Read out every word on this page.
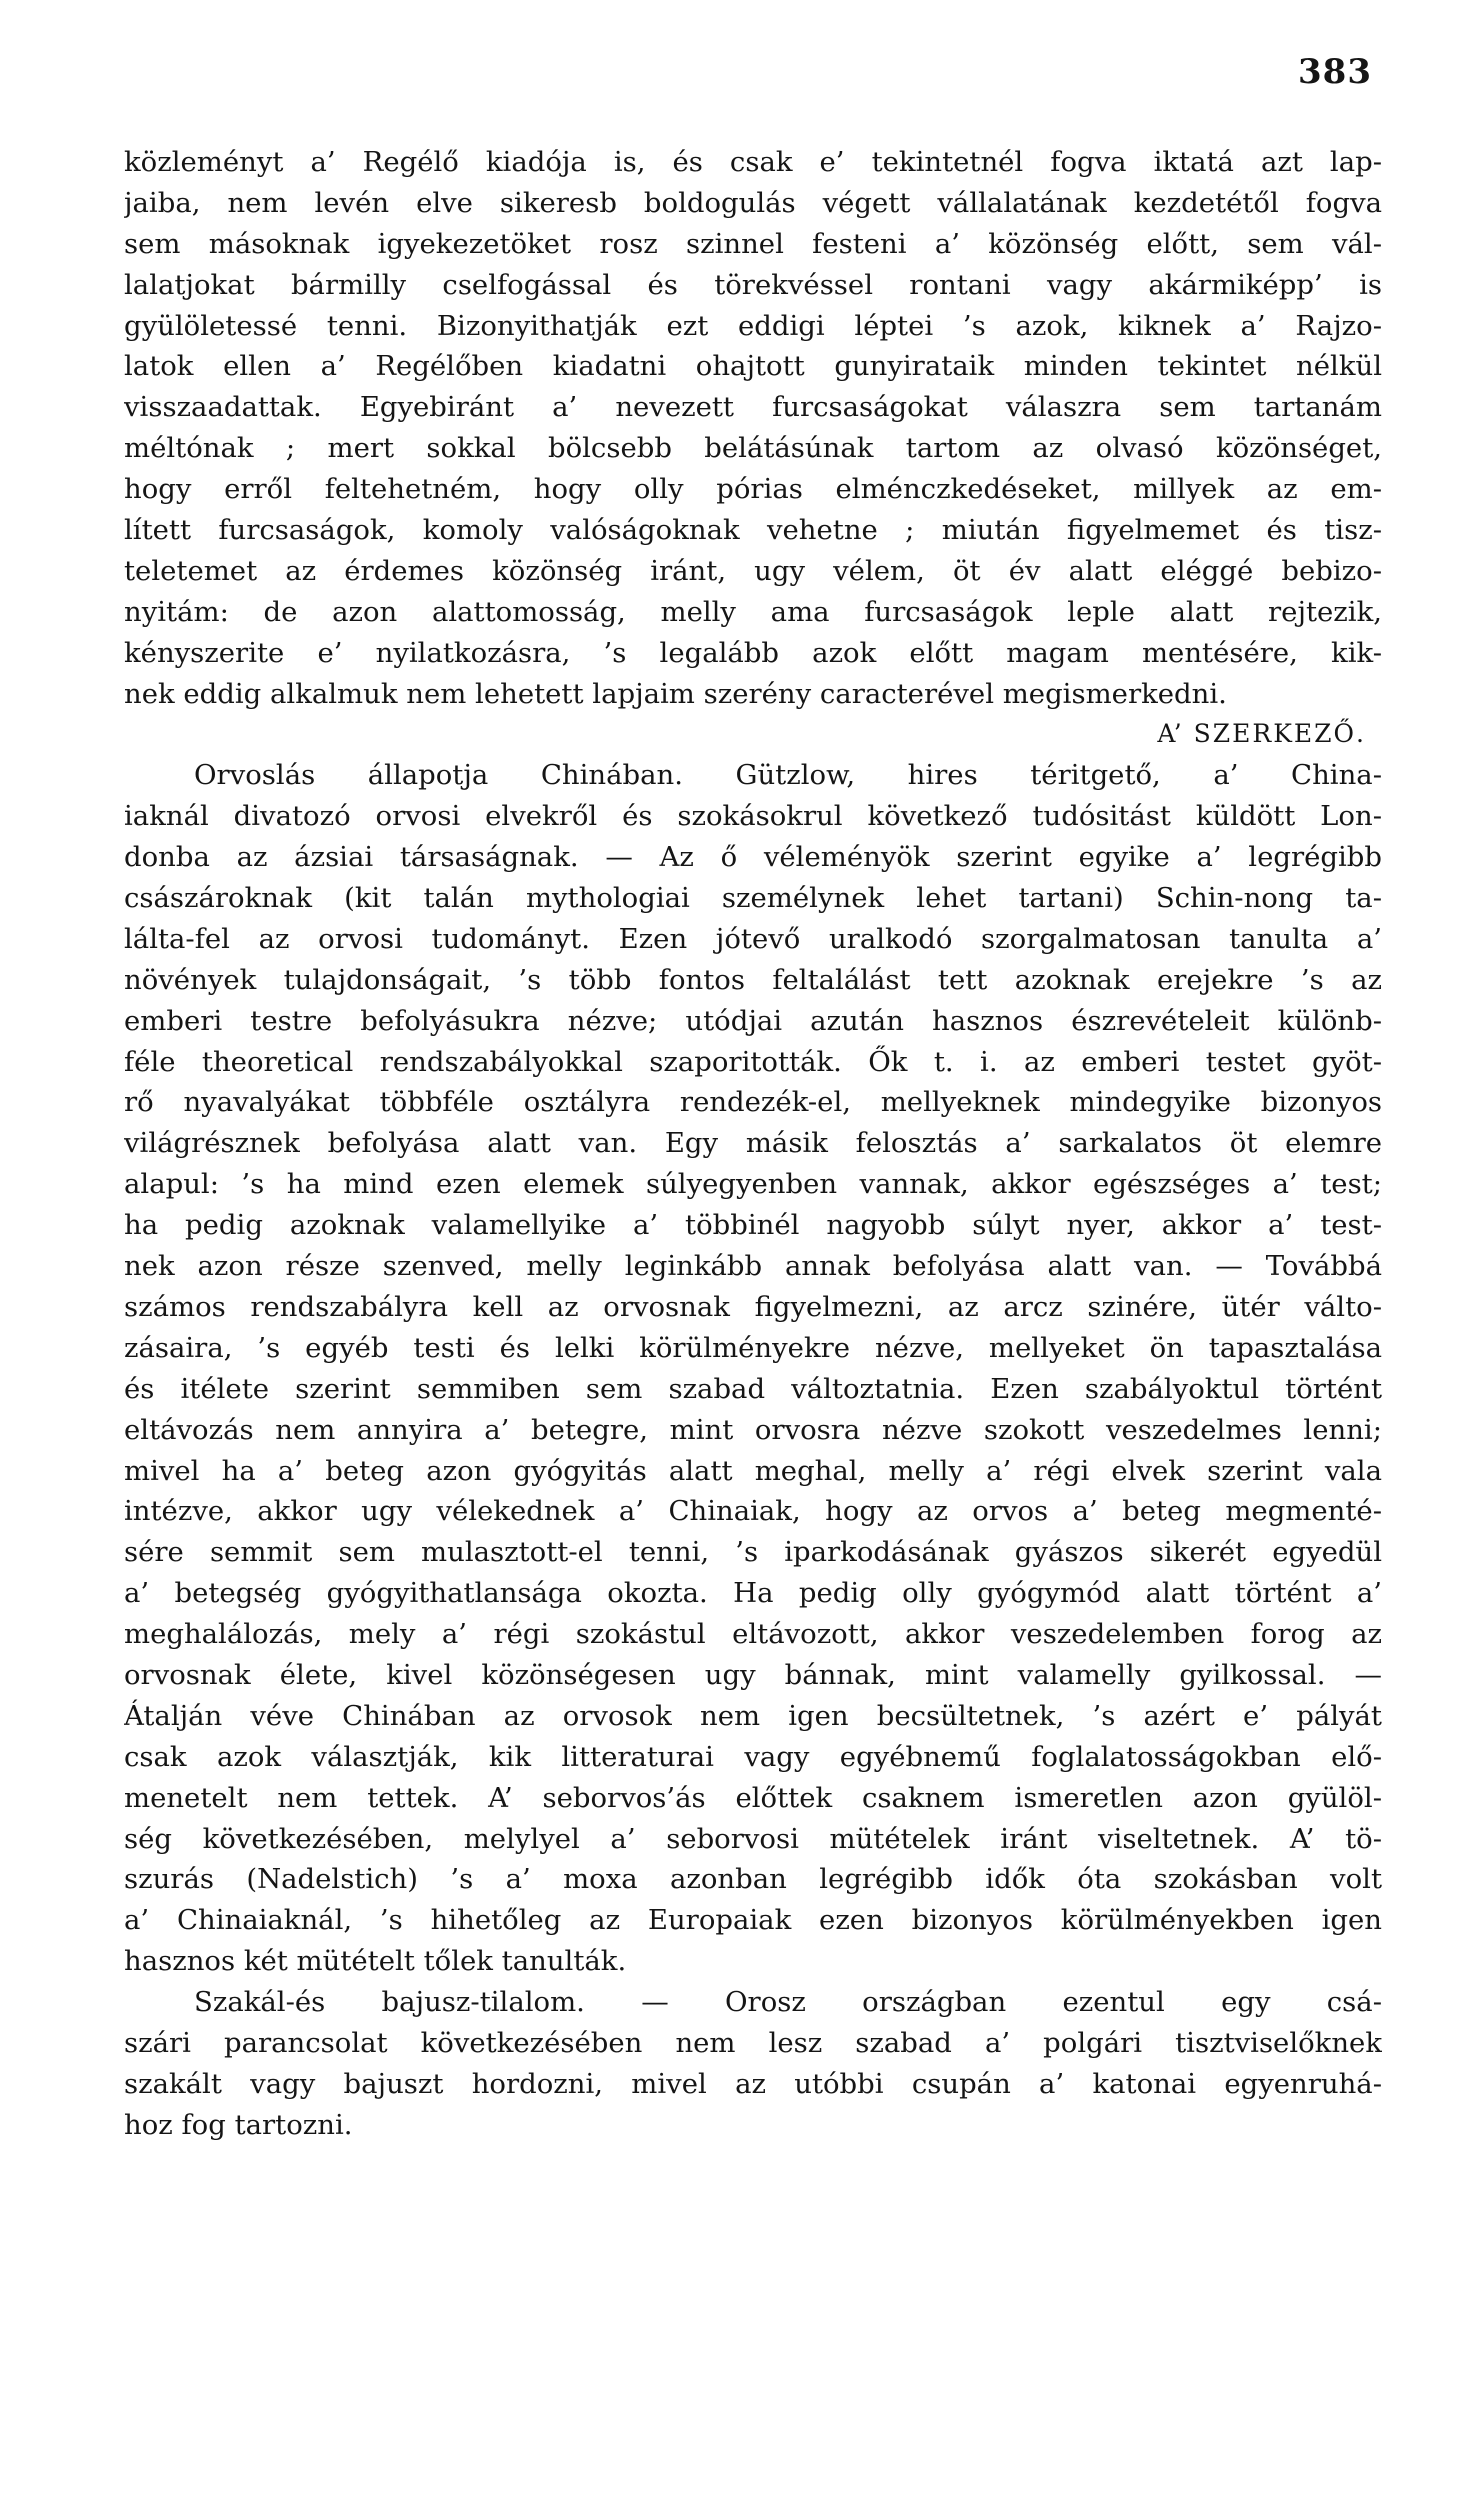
383
közleményt a’ Regélő kiadója is, és csak e’ tekintetnél fogva iktatá azt lap-
jaiba, nem levén elve sikeresb boldogulás végett vállalatának kezdetétől fogva
sem másoknak igyekezetöket rosz szinnel festeni a’ közönség előtt, sem vál-
lalatjokat bármilly cselfogással és törekvéssel rontani vagy akármiképp’ is
gyülöletessé tenni. Bizonyithatják ezt eddigi léptei ’s azok, kiknek a’ Rajzo-
latok ellen a’ Regélőben kiadatni ohajtott gunyirataik minden tekintet nélkül
visszaadattak. Egyebiránt a’ nevezett furcsaságokat válaszra sem tartanám
méltónak ; mert sokkal bölcsebb belátásúnak tartom az olvasó közönséget,
hogy erről feltehetném, hogy olly pórias elménczkedéseket, millyek az em-
lített furcsaságok, komoly valóságoknak vehetne ; miután figyelmemet és tisz-
teletemet az érdemes közönség iránt, ugy vélem, öt év alatt eléggé bebizo-
nyitám: de azon alattomosság, melly ama furcsaságok leple alatt rejtezik,
kényszerite e’ nyilatkozásra, ’s legalább azok előtt magam mentésére, kik-
nek eddig alkalmuk nem lehetett lapjaim szerény caracterével megismerkedni.
A’ SZERKEZŐ.
Orvoslás állapotja Chinában. Gützlow, hires téritgető, a’ China-
iaknál divatozó orvosi elvekről és szokásokrul következő tudósitást küldött Lon-
donba az ázsiai társaságnak. — Az ő véleményök szerint egyike a’ legrégibb
császároknak (kit talán mythologiai személynek lehet tartani) Schin-nong ta-
lálta-fel az orvosi tudományt. Ezen jótevő uralkodó szorgalmatosan tanulta a’
növények tulajdonságait, ’s több fontos feltalálást tett azoknak erejekre ’s az
emberi testre befolyásukra nézve; utódjai azután hasznos észrevételeit különb-
féle theoretical rendszabályokkal szaporitották. Ők t. i. az emberi testet gyöt-
rő nyavalyákat többféle osztályra rendezék-el, mellyeknek mindegyike bizonyos
világrésznek befolyása alatt van. Egy másik felosztás a’ sarkalatos öt elemre
alapul: ’s ha mind ezen elemek súlyegyenben vannak, akkor egészséges a’ test;
ha pedig azoknak valamellyike a’ többinél nagyobb súlyt nyer, akkor a’ test-
nek azon része szenved, melly leginkább annak befolyása alatt van. — Továbbá
számos rendszabályra kell az orvosnak figyelmezni, az arcz szinére, ütér válto-
zásaira, ’s egyéb testi és lelki körülményekre nézve, mellyeket ön tapasztalása
és itélete szerint semmiben sem szabad változtatnia. Ezen szabályoktul történt
eltávozás nem annyira a’ betegre, mint orvosra nézve szokott veszedelmes lenni;
mivel ha a’ beteg azon gyógyitás alatt meghal, melly a’ régi elvek szerint vala
intézve, akkor ugy vélekednek a’ Chinaiak, hogy az orvos a’ beteg megmenté-
sére semmit sem mulasztott-el tenni, ’s iparkodásának gyászos sikerét egyedül
a’ betegség gyógyithatlansága okozta. Ha pedig olly gyógymód alatt történt a’
meghalálozás, mely a’ régi szokástul eltávozott, akkor veszedelemben forog az
orvosnak élete, kivel közönségesen ugy bánnak, mint valamelly gyilkossal. —
Átalján véve Chinában az orvosok nem igen becsültetnek, ’s azért e’ pályát
csak azok választják, kik litteraturai vagy egyébnemű foglalatosságokban elő-
menetelt nem tettek. A’ seborvos’ás előttek csaknem ismeretlen azon gyülöl-
ség következésében, melylyel a’ seborvosi mütételek iránt viseltetnek. A’ tö-
szurás (Nadelstich) ’s a’ moxa azonban legrégibb idők óta szokásban volt
a’ Chinaiaknál, ’s hihetőleg az Europaiak ezen bizonyos körülményekben igen
hasznos két mütételt tőlek tanulták.
Szakál-és bajusz-tilalom. — Orosz országban ezentul egy csá-
szári parancsolat következésében nem lesz szabad a’ polgári tisztviselőknek
szakált vagy bajuszt hordozni, mivel az utóbbi csupán a’ katonai egyenruhá-
hoz fog tartozni.
